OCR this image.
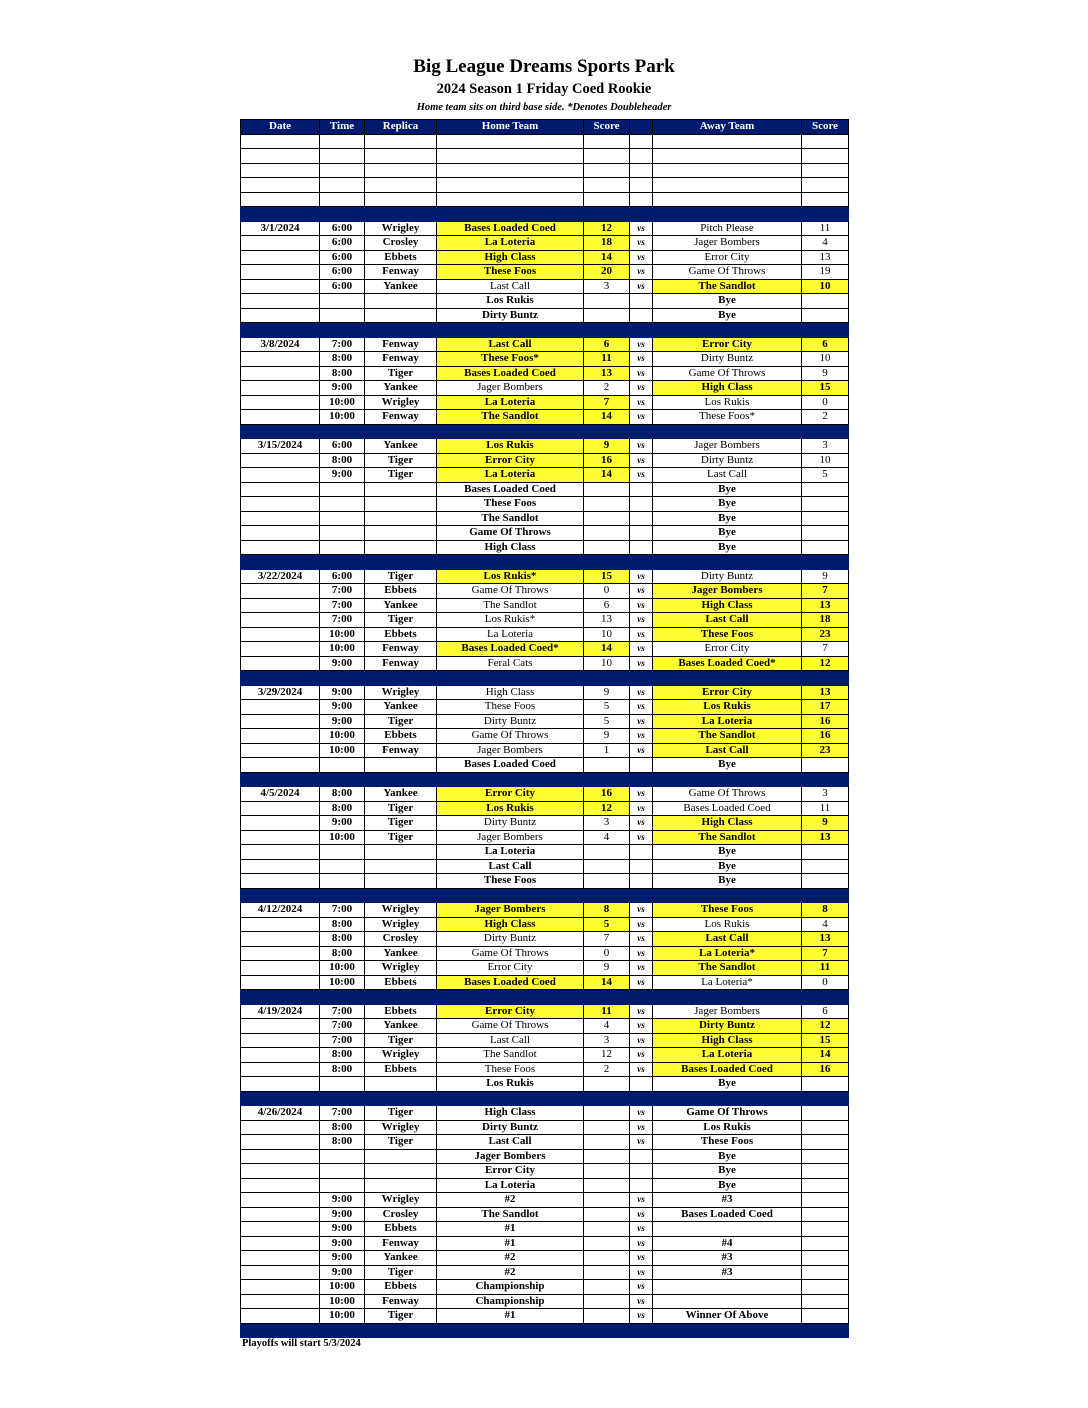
Big League Dreams Sports Park
2024 Season 1 Friday Coed Rookie
Home team sits on third base side. *Denotes Doubleheader
Date	Time	Replica	Home Team	Score		Away Team	Score

3/1/2024	6:00	Wrigley	Bases Loaded Coed	12	vs	Pitch Please	11
	6:00	Crosley	La Loteria	18	vs	Jager Bombers	4
	6:00	Ebbets	High Class	14	vs	Error City	13
	6:00	Fenway	These Foos	20	vs	Game Of Throws	19
	6:00	Yankee	Last Call	3	vs	The Sandlot	10
			Los Rukis			Bye	
			Dirty Buntz			Bye	

3/8/2024	7:00	Fenway	Last Call	6	vs	Error City	6
	8:00	Fenway	These Foos*	11	vs	Dirty Buntz	10
	8:00	Tiger	Bases Loaded Coed	13	vs	Game Of Throws	9
	9:00	Yankee	Jager Bombers	2	vs	High Class	15
	10:00	Wrigley	La Loteria	7	vs	Los Rukis	0
	10:00	Fenway	The Sandlot	14	vs	These Foos*	2

3/15/2024	6:00	Yankee	Los Rukis	9	vs	Jager Bombers	3
	8:00	Tiger	Error City	16	vs	Dirty Buntz	10
	9:00	Tiger	La Loteria	14	vs	Last Call	5
			Bases Loaded Coed			Bye	
			These Foos			Bye	
			The Sandlot			Bye	
			Game Of Throws			Bye	
			High Class			Bye	

3/22/2024	6:00	Tiger	Los Rukis*	15	vs	Dirty Buntz	9
	7:00	Ebbets	Game Of Throws	0	vs	Jager Bombers	7
	7:00	Yankee	The Sandlot	6	vs	High Class	13
	7:00	Tiger	Los Rukis*	13	vs	Last Call	18
	10:00	Ebbets	La Loteria	10	vs	These Foos	23
	10:00	Fenway	Bases Loaded Coed*	14	vs	Error City	7
	9:00	Fenway	Feral Cats	10	vs	Bases Loaded Coed*	12

3/29/2024	9:00	Wrigley	High Class	9	vs	Error City	13
	9:00	Yankee	These Foos	5	vs	Los Rukis	17
	9:00	Tiger	Dirty Buntz	5	vs	La Loteria	16
	10:00	Ebbets	Game Of Throws	9	vs	The Sandlot	16
	10:00	Fenway	Jager Bombers	1	vs	Last Call	23
			Bases Loaded Coed			Bye	

4/5/2024	8:00	Yankee	Error City	16	vs	Game Of Throws	3
	8:00	Tiger	Los Rukis	12	vs	Bases Loaded Coed	11
	9:00	Tiger	Dirty Buntz	3	vs	High Class	9
	10:00	Tiger	Jager Bombers	4	vs	The Sandlot	13
			La Loteria			Bye	
			Last Call			Bye	
			These Foos			Bye	

4/12/2024	7:00	Wrigley	Jager Bombers	8	vs	These Foos	8
	8:00	Wrigley	High Class	5	vs	Los Rukis	4
	8:00	Crosley	Dirty Buntz	7	vs	Last Call	13
	8:00	Yankee	Game Of Throws	0	vs	La Loteria*	7
	10:00	Wrigley	Error City	9	vs	The Sandlot	11
	10:00	Ebbets	Bases Loaded Coed	14	vs	La Loteria*	0

4/19/2024	7:00	Ebbets	Error City	11	vs	Jager Bombers	6
	7:00	Yankee	Game Of Throws	4	vs	Dirty Buntz	12
	7:00	Tiger	Last Call	3	vs	High Class	15
	8:00	Wrigley	The Sandlot	12	vs	La Loteria	14
	8:00	Ebbets	These Foos	2	vs	Bases Loaded Coed	16
			Los Rukis			Bye	

4/26/2024	7:00	Tiger	High Class		vs	Game Of Throws	
	8:00	Wrigley	Dirty Buntz		vs	Los Rukis	
	8:00	Tiger	Last Call		vs	These Foos	
			Jager Bombers			Bye	
			Error City			Bye	
			La Loteria			Bye	
	9:00	Wrigley	#2		vs	#3	
	9:00	Crosley	The Sandlot		vs	Bases Loaded Coed	
	9:00	Ebbets	#1		vs		
	9:00	Fenway	#1		vs	#4	
	9:00	Yankee	#2		vs	#3	
	9:00	Tiger	#2		vs	#3	
	10:00	Ebbets	Championship		vs		
	10:00	Fenway	Championship		vs		
	10:00	Tiger	#1		vs	Winner Of Above	

Playoffs will start 5/3/2024
